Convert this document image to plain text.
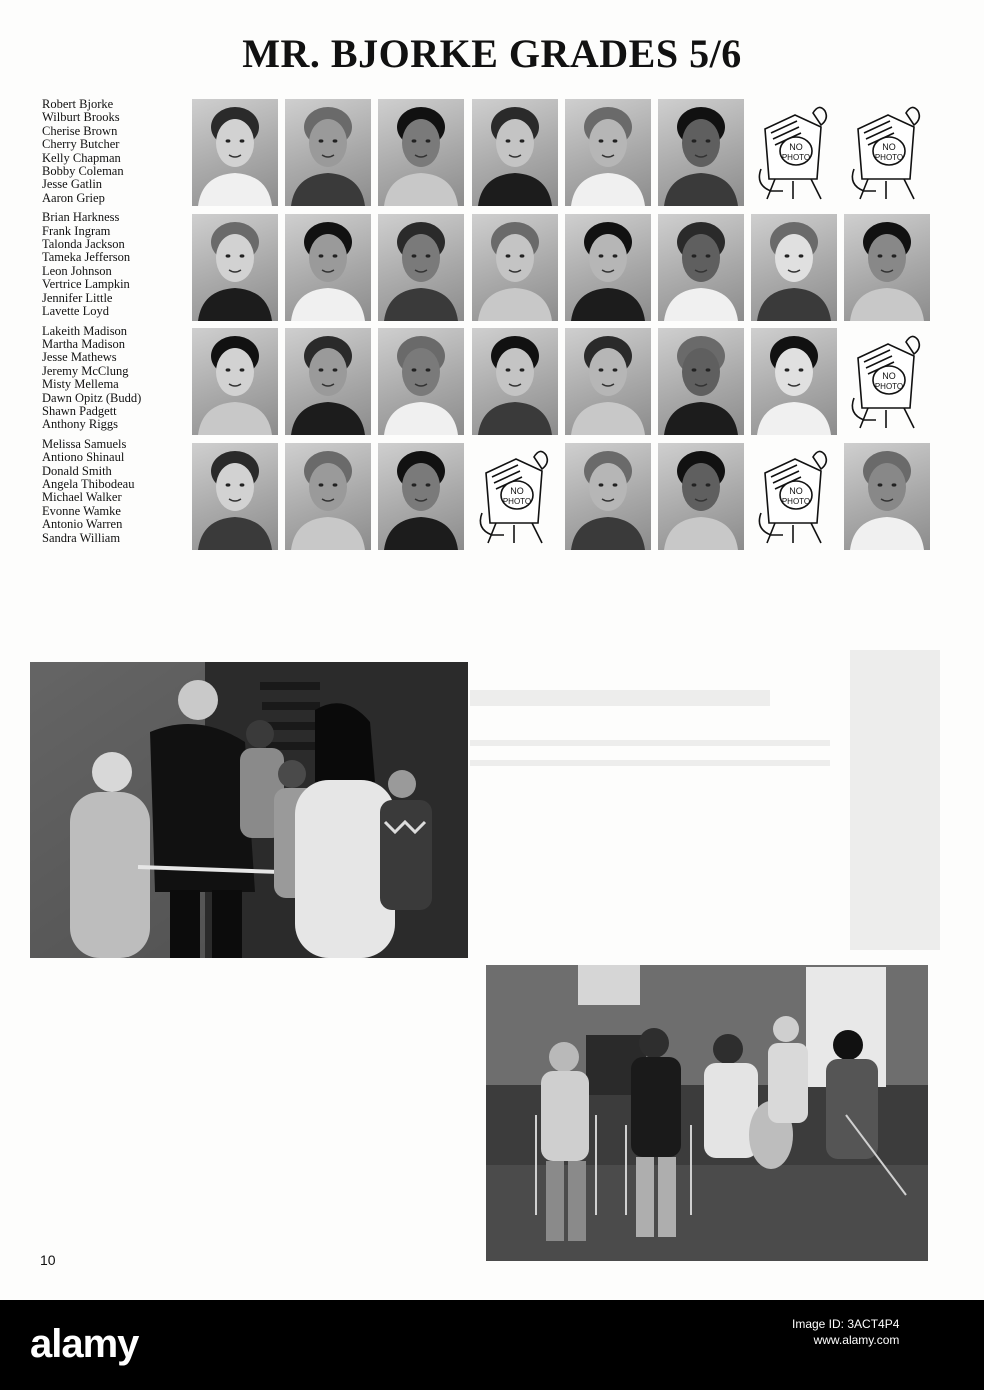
MR. BJORKE GRADES 5/6
Robert Bjorke
Wilburt Brooks
Cherise Brown
Cherry Butcher
Kelly Chapman
Bobby Coleman
Jesse Gatlin
Aaron Griep
Brian Harkness
Frank Ingram
Talonda Jackson
Tameka Jefferson
Leon Johnson
Vertrice Lampkin
Jennifer Little
Lavette Loyd
Lakeith Madison
Martha Madison
Jesse Mathews
Jeremy McClung
Misty Mellema
Dawn Opitz (Budd)
Shawn Padgett
Anthony Riggs
Melissa Samuels
Antiono Shinaul
Donald Smith
Angela Thibodeau
Michael Walker
Evonne Wamke
Antonio Warren
Sandra William
NO
PHOTO
NO
PHOTO
NO
PHOTO
NO
PHOTO
NO
PHOTO
10
alamy	Image ID: 3ACT4P4
www.alamy.com
